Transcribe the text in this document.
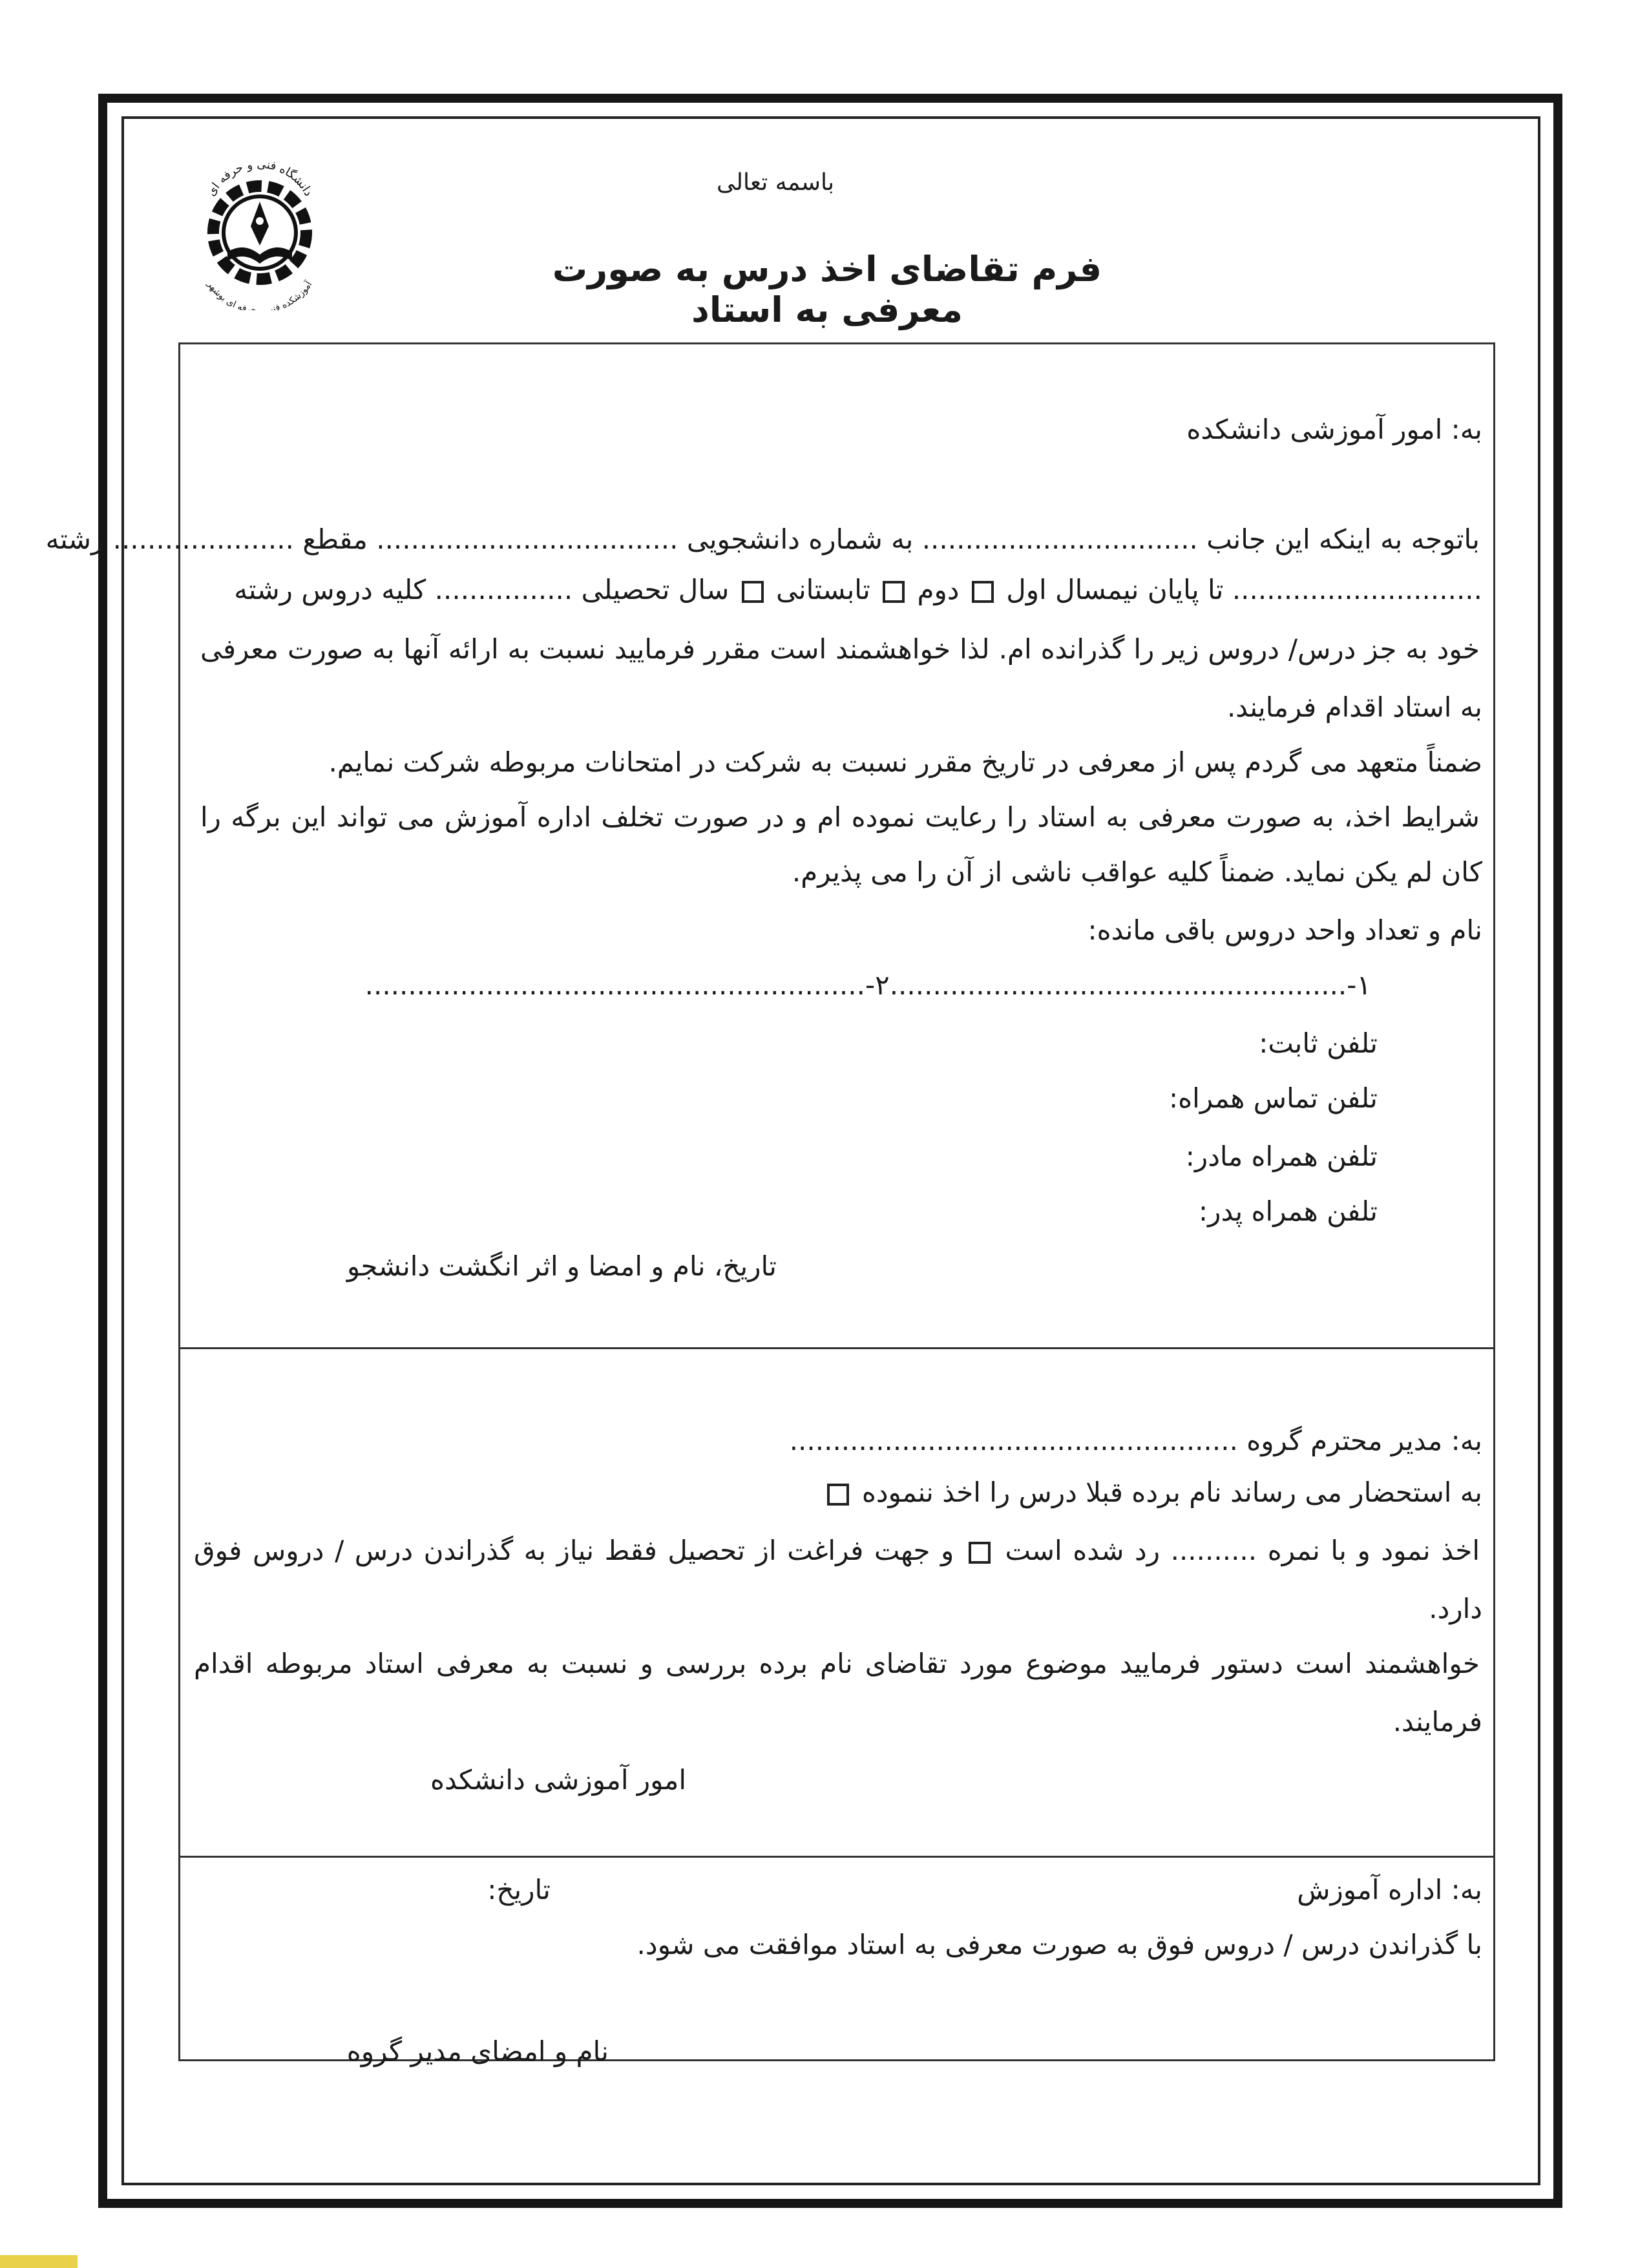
دانشگاه فنی و حرفه ای
آموزشکده فنی رفه ای بوشهر
باسمه تعالی
فرم تقاضای اخذ درس به صورت معرفی به استاد
به: امور آموزشی دانشکده
باتوجه به اینکه این جانب ................................ به شماره دانشجویی ................................... مقطع ..................... رشته
............................. تا پایان نیمسال اول  دوم  تابستانی  سال تحصیلی ................ کلیه دروس رشته
خود به جز درس/ دروس زیر را گذرانده ام. لذا خواهشمند است مقرر فرمایید نسبت به ارائه آنها به صورت معرفی
به استاد اقدام فرمایند.
ضمناً متعهد می گردم پس از معرفی در تاریخ مقرر نسبت به شرکت در امتحانات مربوطه شرکت نمایم.
شرایط اخذ، به صورت معرفی به استاد را رعایت نموده ام و در صورت تخلف اداره آموزش می تواند این برگه را
کان لم یکن نماید. ضمناً کلیه عواقب ناشی از آن را می پذیرم.
نام و تعداد واحد دروس باقی مانده:
۱-.....................................................۲-..........................................................
تلفن ثابت:
تلفن تماس همراه:
تلفن همراه مادر:
تلفن همراه پدر:
تاریخ، نام و امضا و اثر انگشت دانشجو
به: مدیر محترم گروه ....................................................
به استحضار می رساند نام برده قبلا درس را اخذ ننموده
اخذ نمود و با نمره .......... رد شده است  و جهت فراغت از تحصیل فقط نیاز به گذراندن درس / دروس فوق
دارد.
خواهشمند است دستور فرمایید موضوع مورد تقاضای نام برده بررسی و نسبت به معرفی استاد مربوطه اقدام
فرمایند.
امور آموزشی دانشکده
به: اداره آموزش
تاریخ:
با گذراندن درس / دروس فوق به صورت معرفی به استاد موافقت می شود.
نام و امضای مدیر گروه
